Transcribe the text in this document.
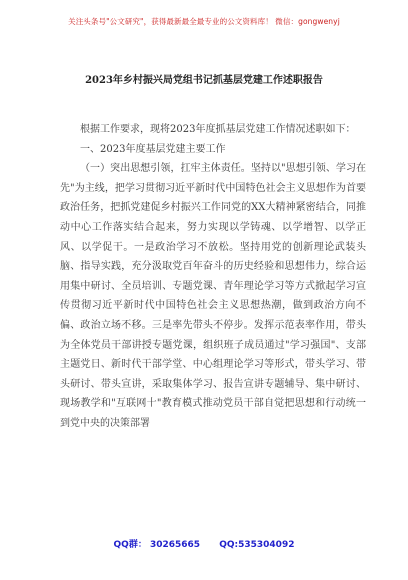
关注头条号"公文研究"，获得最新最全最专业的公文资料库！ 微信：gongwenyj
2023年乡村振兴局党组书记抓基层党建工作述职报告

根据工作要求，现将2023年度抓基层党建工作情况述职如下：

一、2023年度基层党建主要工作

（一）突出思想引领，扛牢主体责任。坚持以"思想引领、学习在先"为主线，把学习贯彻习近平新时代中国特色社会主义思想作为首要政治任务，把抓党建促乡村振兴工作同党的XX大精神紧密结合，同推动中心工作落实结合起来，努力实现以学铸魂、以学增智、以学正风、以学促干。一是政治学习不放松。坚持用党的创新理论武装头脑、指导实践，充分汲取党百年奋斗的历史经验和思想伟力，综合运用集中研讨、全员培训、专题党课、青年理论学习等方式掀起学习宣传贯彻习近平新时代中国特色社会主义思想热潮，做到政治方向不偏、政治立场不移。三是率先带头不停步。发挥示范表率作用，带头为全体党员干部讲授专题党课，组织班子成员通过"学习强国"、支部主题党日、新时代干部学堂、中心组理论学习等形式，带头学习、带头研讨、带头宣讲，采取集体学习、报告宣讲专题辅导、集中研讨、现场教学和"互联网十"教育模式推动党员干部自觉把思想和行动统一到党中央的决策部署

QQ群： 30265665 QQ:535304092
